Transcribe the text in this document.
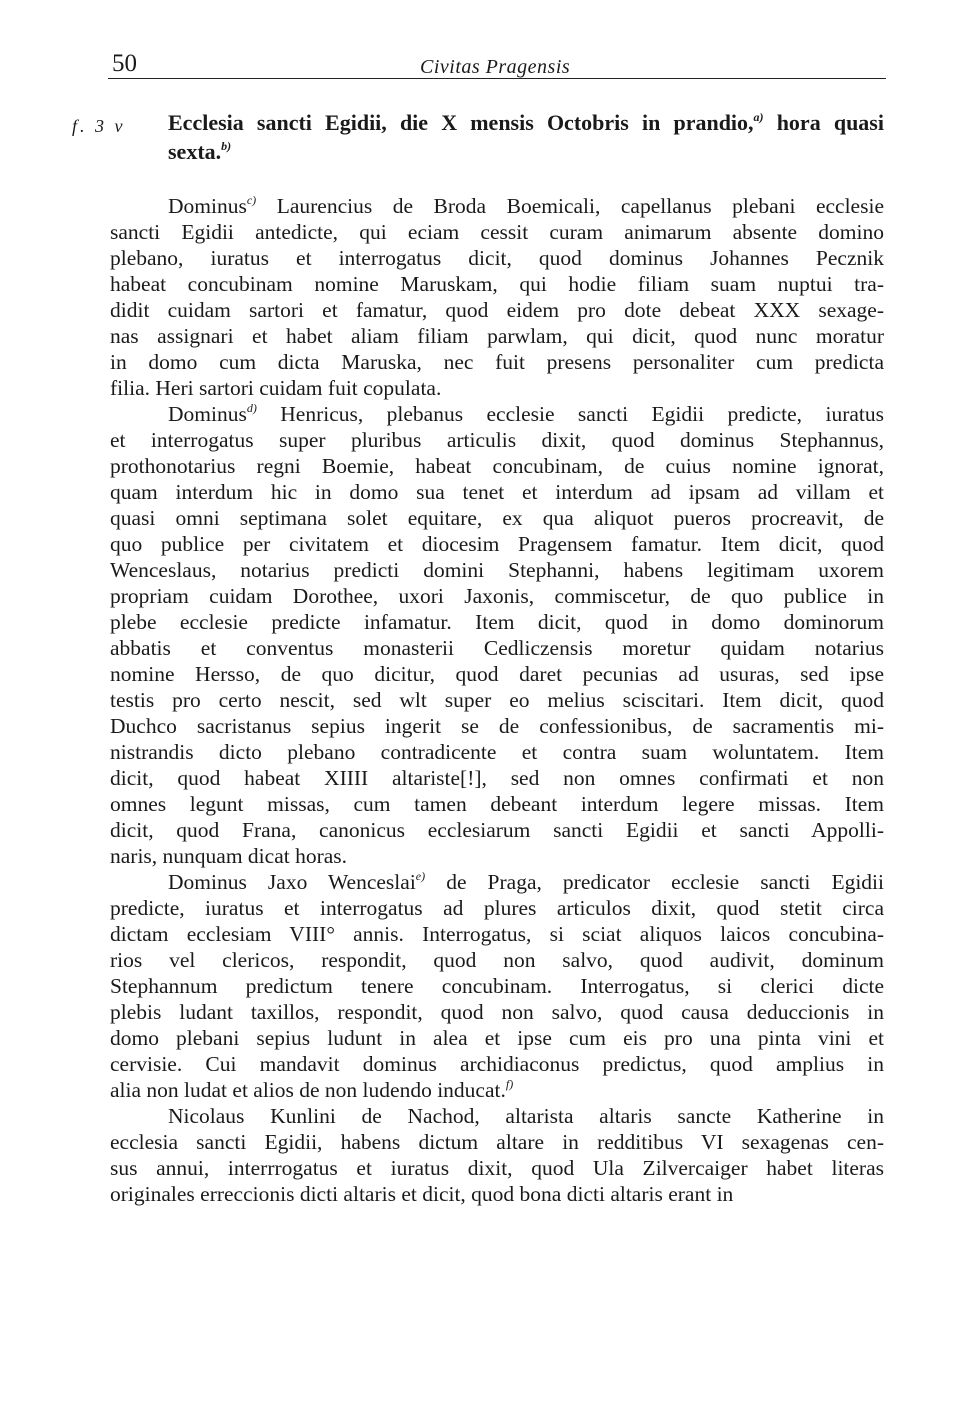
50	Civitas Pragensis
f. 3 v Ecclesia sancti Egidii, die X mensis Octobris in prandio,$^{a)}$ hora quasi
sexta.$^{b)}$
Dominus$^{c)}$ Laurencius de Broda Boemicali, capellanus plebani ecclesie
sancti Egidii antedicte, qui eciam cessit curam animarum absente domino
plebano, iuratus et interrogatus dicit, quod dominus Johannes Pecznik
habeat concubinam nomine Maruskam, qui hodie filiam suam nuptui tra-
didit cuidam sartori et famatur, quod eidem pro dote debeat XXX sexage-
nas assignari et habet aliam filiam parwlam, qui dicit, quod nunc moratur
in domo cum dicta Maruska, nec fuit presens personaliter cum predicta
filia. Heri sartori cuidam fuit copulata.
Dominus$^{d)}$ Henricus, plebanus ecclesie sancti Egidii predicte, iuratus
et interrogatus super pluribus articulis dixit, quod dominus Stephannus,
prothonotarius regni Boemie, habeat concubinam, de cuius nomine ignorat,
quam interdum hic in domo sua tenet et interdum ad ipsam ad villam et
quasi omni septimana solet equitare, ex qua aliquot pueros procreavit, de
quo publice per civitatem et diocesim Pragensem famatur. Item dicit, quod
Wenceslaus, notarius predicti domini Stephanni, habens legitimam uxorem
propriam cuidam Dorothee, uxori Jaxonis, commiscetur, de quo publice in
plebe ecclesie predicte infamatur. Item dicit, quod in domo dominorum
abbatis et conventus monasterii Cedliczensis moretur quidam notarius
nomine Hersso, de quo dicitur, quod daret pecunias ad usuras, sed ipse
testis pro certo nescit, sed wlt super eo melius sciscitari. Item dicit, quod
Duchco sacristanus sepius ingerit se de confessionibus, de sacramentis mi-
nistrandis dicto plebano contradicente et contra suam woluntatem. Item
dicit, quod habeat XIIII altariste[!], sed non omnes confirmati et non
omnes legunt missas, cum tamen debeant interdum legere missas. Item
dicit, quod Frana, canonicus ecclesiarum sancti Egidii et sancti Appolli-
naris, nunquam dicat horas.
Dominus Jaxo Wenceslai$^{e)}$ de Praga, predicator ecclesie sancti Egidii
predicte, iuratus et interrogatus ad plures articulos dixit, quod stetit circa
dictam ecclesiam VIII° annis. Interrogatus, si sciat aliquos laicos concubina-
rios vel clericos, respondit, quod non salvo, quod audivit, dominum
Stephannum predictum tenere concubinam. Interrogatus, si clerici dicte
plebis ludant taxillos, respondit, quod non salvo, quod causa deduccionis in
domo plebani sepius ludunt in alea et ipse cum eis pro una pinta vini et
cervisie. Cui mandavit dominus archidiaconus predictus, quod amplius in
alia non ludat et alios de non ludendo inducat.$^{f)}$
Nicolaus Kunlini de Nachod, altarista altaris sancte Katherine in
ecclesia sancti Egidii, habens dictum altare in redditibus VI sexagenas cen-
sus annui, interrrogatus et iuratus dixit, quod Ula Zilvercaiger habet literas
originales erreccionis dicti altaris et dicit, quod bona dicti altaris erant in
